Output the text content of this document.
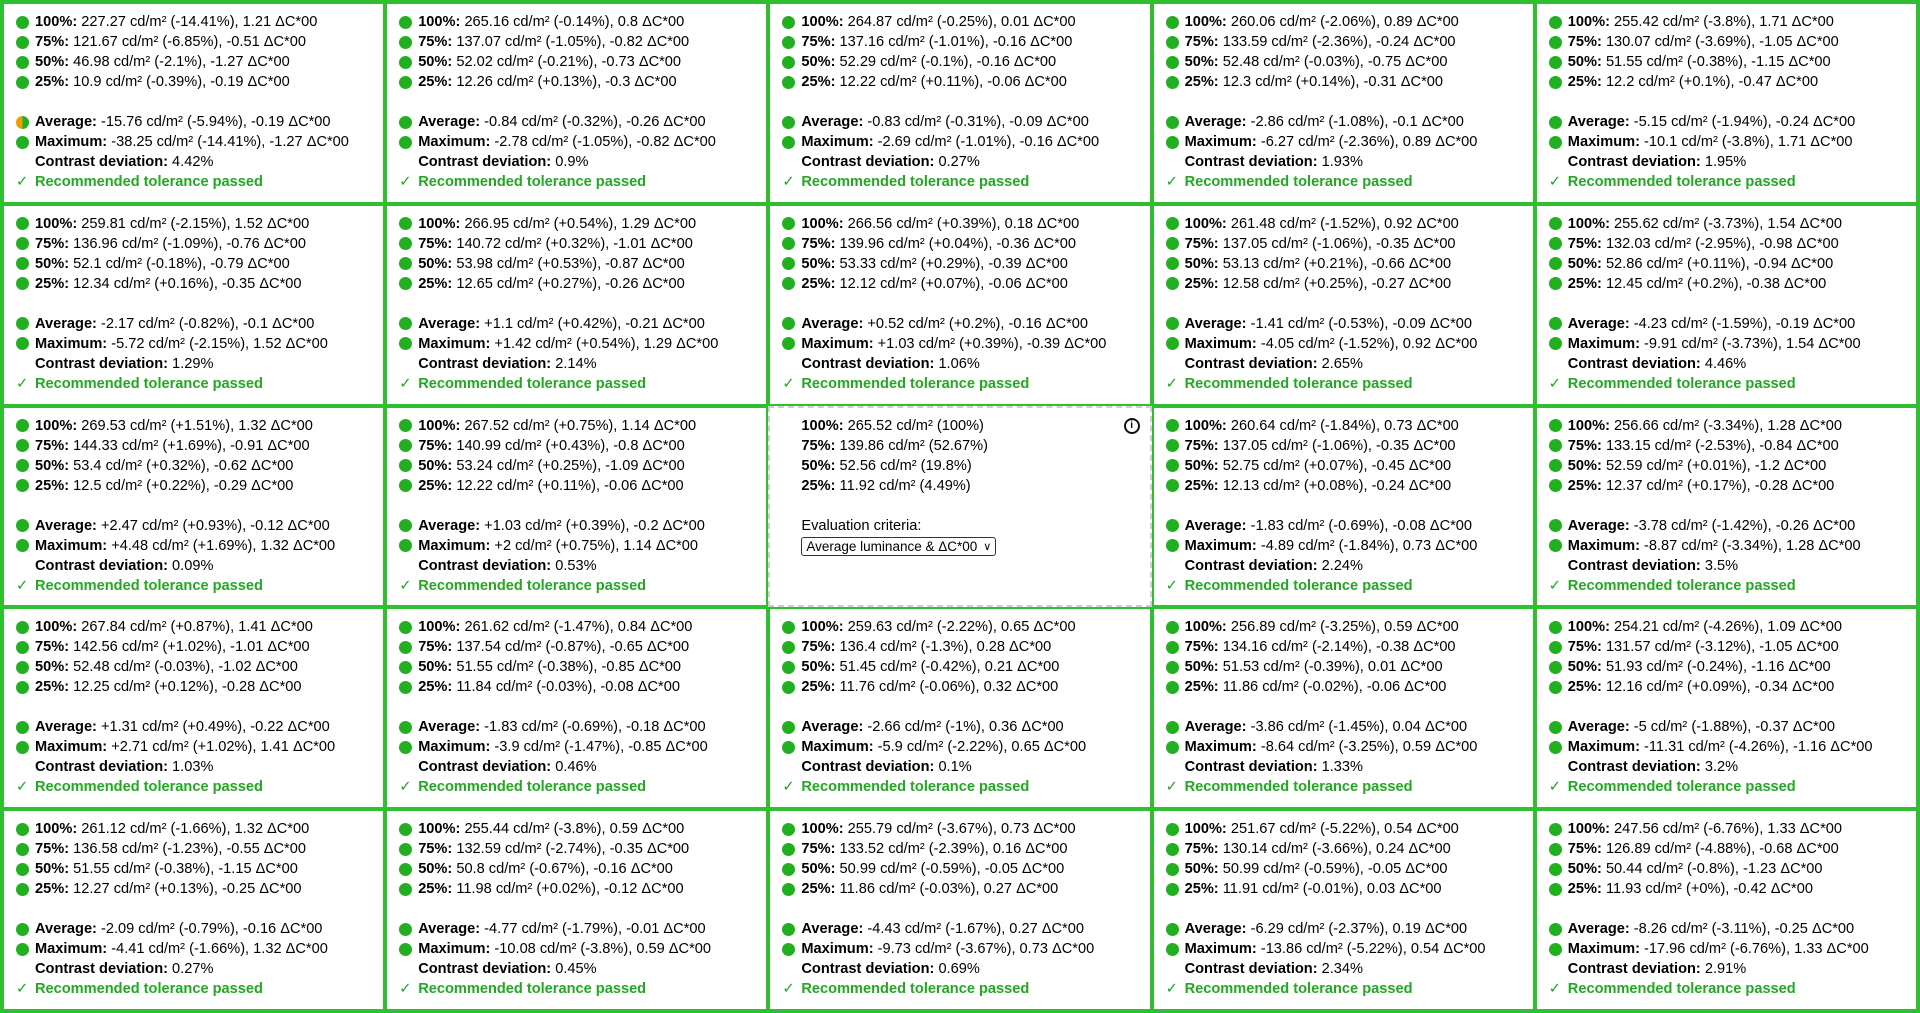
100%:
227.27 cd/m² (-14.41%), 1.21 ΔC*00
75%:
121.67 cd/m² (-6.85%), -0.51 ΔC*00
50%:
46.98 cd/m² (-2.1%), -1.27 ΔC*00
25%:
10.9 cd/m² (-0.39%), -0.19 ΔC*00
Average:
-15.76 cd/m² (-5.94%), -0.19 ΔC*00
Maximum:
-38.25 cd/m² (-14.41%), -1.27 ΔC*00
Contrast deviation:
4.42%
✓ Recommended tolerance passed
100%:
265.16 cd/m² (-0.14%), 0.8 ΔC*00
75%:
137.07 cd/m² (-1.05%), -0.82 ΔC*00
50%:
52.02 cd/m² (-0.21%), -0.73 ΔC*00
25%:
12.26 cd/m² (+0.13%), -0.3 ΔC*00
Average:
-0.84 cd/m² (-0.32%), -0.26 ΔC*00
Maximum:
-2.78 cd/m² (-1.05%), -0.82 ΔC*00
Contrast deviation:
0.9%
✓ Recommended tolerance passed
100%:
264.87 cd/m² (-0.25%), 0.01 ΔC*00
75%:
137.16 cd/m² (-1.01%), -0.16 ΔC*00
50%:
52.29 cd/m² (-0.1%), -0.16 ΔC*00
25%:
12.22 cd/m² (+0.11%), -0.06 ΔC*00
Average:
-0.83 cd/m² (-0.31%), -0.09 ΔC*00
Maximum:
-2.69 cd/m² (-1.01%), -0.16 ΔC*00
Contrast deviation:
0.27%
✓ Recommended tolerance passed
100%:
260.06 cd/m² (-2.06%), 0.89 ΔC*00
75%:
133.59 cd/m² (-2.36%), -0.24 ΔC*00
50%:
52.48 cd/m² (-0.03%), -0.75 ΔC*00
25%:
12.3 cd/m² (+0.14%), -0.31 ΔC*00
Average:
-2.86 cd/m² (-1.08%), -0.1 ΔC*00
Maximum:
-6.27 cd/m² (-2.36%), 0.89 ΔC*00
Contrast deviation:
1.93%
✓ Recommended tolerance passed
100%:
255.42 cd/m² (-3.8%), 1.71 ΔC*00
75%:
130.07 cd/m² (-3.69%), -1.05 ΔC*00
50%:
51.55 cd/m² (-0.38%), -1.15 ΔC*00
25%:
12.2 cd/m² (+0.1%), -0.47 ΔC*00
Average:
-5.15 cd/m² (-1.94%), -0.24 ΔC*00
Maximum:
-10.1 cd/m² (-3.8%), 1.71 ΔC*00
Contrast deviation:
1.95%
✓ Recommended tolerance passed
100%:
259.81 cd/m² (-2.15%), 1.52 ΔC*00
75%:
136.96 cd/m² (-1.09%), -0.76 ΔC*00
50%:
52.1 cd/m² (-0.18%), -0.79 ΔC*00
25%:
12.34 cd/m² (+0.16%), -0.35 ΔC*00
Average:
-2.17 cd/m² (-0.82%), -0.1 ΔC*00
Maximum:
-5.72 cd/m² (-2.15%), 1.52 ΔC*00
Contrast deviation:
1.29%
✓ Recommended tolerance passed
100%:
266.95 cd/m² (+0.54%), 1.29 ΔC*00
75%:
140.72 cd/m² (+0.32%), -1.01 ΔC*00
50%:
53.98 cd/m² (+0.53%), -0.87 ΔC*00
25%:
12.65 cd/m² (+0.27%), -0.26 ΔC*00
Average:
+1.1 cd/m² (+0.42%), -0.21 ΔC*00
Maximum:
+1.42 cd/m² (+0.54%), 1.29 ΔC*00
Contrast deviation:
2.14%
✓ Recommended tolerance passed
100%:
266.56 cd/m² (+0.39%), 0.18 ΔC*00
75%:
139.96 cd/m² (+0.04%), -0.36 ΔC*00
50%:
53.33 cd/m² (+0.29%), -0.39 ΔC*00
25%:
12.12 cd/m² (+0.07%), -0.06 ΔC*00
Average:
+0.52 cd/m² (+0.2%), -0.16 ΔC*00
Maximum:
+1.03 cd/m² (+0.39%), -0.39 ΔC*00
Contrast deviation:
1.06%
✓ Recommended tolerance passed
100%:
261.48 cd/m² (-1.52%), 0.92 ΔC*00
75%:
137.05 cd/m² (-1.06%), -0.35 ΔC*00
50%:
53.13 cd/m² (+0.21%), -0.66 ΔC*00
25%:
12.58 cd/m² (+0.25%), -0.27 ΔC*00
Average:
-1.41 cd/m² (-0.53%), -0.09 ΔC*00
Maximum:
-4.05 cd/m² (-1.52%), 0.92 ΔC*00
Contrast deviation:
2.65%
✓ Recommended tolerance passed
100%:
255.62 cd/m² (-3.73%), 1.54 ΔC*00
75%:
132.03 cd/m² (-2.95%), -0.98 ΔC*00
50%:
52.86 cd/m² (+0.11%), -0.94 ΔC*00
25%:
12.45 cd/m² (+0.2%), -0.38 ΔC*00
Average:
-4.23 cd/m² (-1.59%), -0.19 ΔC*00
Maximum:
-9.91 cd/m² (-3.73%), 1.54 ΔC*00
Contrast deviation:
4.46%
✓ Recommended tolerance passed
100%:
269.53 cd/m² (+1.51%), 1.32 ΔC*00
75%:
144.33 cd/m² (+1.69%), -0.91 ΔC*00
50%:
53.4 cd/m² (+0.32%), -0.62 ΔC*00
25%:
12.5 cd/m² (+0.22%), -0.29 ΔC*00
Average:
+2.47 cd/m² (+0.93%), -0.12 ΔC*00
Maximum:
+4.48 cd/m² (+1.69%), 1.32 ΔC*00
Contrast deviation:
0.09%
✓ Recommended tolerance passed
100%:
267.52 cd/m² (+0.75%), 1.14 ΔC*00
75%:
140.99 cd/m² (+0.43%), -0.8 ΔC*00
50%:
53.24 cd/m² (+0.25%), -1.09 ΔC*00
25%:
12.22 cd/m² (+0.11%), -0.06 ΔC*00
Average:
+1.03 cd/m² (+0.39%), -0.2 ΔC*00
Maximum:
+2 cd/m² (+0.75%), 1.14 ΔC*00
Contrast deviation:
0.53%
✓ Recommended tolerance passed
i
100%:
265.52 cd/m² (100%)
75%:
139.86 cd/m² (52.67%)
50%:
52.56 cd/m² (19.8%)
25%:
11.92 cd/m² (4.49%)
Evaluation criteria:
Average luminance & ΔC*00 ∨
100%:
260.64 cd/m² (-1.84%), 0.73 ΔC*00
75%:
137.05 cd/m² (-1.06%), -0.35 ΔC*00
50%:
52.75 cd/m² (+0.07%), -0.45 ΔC*00
25%:
12.13 cd/m² (+0.08%), -0.24 ΔC*00
Average:
-1.83 cd/m² (-0.69%), -0.08 ΔC*00
Maximum:
-4.89 cd/m² (-1.84%), 0.73 ΔC*00
Contrast deviation:
2.24%
✓ Recommended tolerance passed
100%:
256.66 cd/m² (-3.34%), 1.28 ΔC*00
75%:
133.15 cd/m² (-2.53%), -0.84 ΔC*00
50%:
52.59 cd/m² (+0.01%), -1.2 ΔC*00
25%:
12.37 cd/m² (+0.17%), -0.28 ΔC*00
Average:
-3.78 cd/m² (-1.42%), -0.26 ΔC*00
Maximum:
-8.87 cd/m² (-3.34%), 1.28 ΔC*00
Contrast deviation:
3.5%
✓ Recommended tolerance passed
100%:
267.84 cd/m² (+0.87%), 1.41 ΔC*00
75%:
142.56 cd/m² (+1.02%), -1.01 ΔC*00
50%:
52.48 cd/m² (-0.03%), -1.02 ΔC*00
25%:
12.25 cd/m² (+0.12%), -0.28 ΔC*00
Average:
+1.31 cd/m² (+0.49%), -0.22 ΔC*00
Maximum:
+2.71 cd/m² (+1.02%), 1.41 ΔC*00
Contrast deviation:
1.03%
✓ Recommended tolerance passed
100%:
261.62 cd/m² (-1.47%), 0.84 ΔC*00
75%:
137.54 cd/m² (-0.87%), -0.65 ΔC*00
50%:
51.55 cd/m² (-0.38%), -0.85 ΔC*00
25%:
11.84 cd/m² (-0.03%), -0.08 ΔC*00
Average:
-1.83 cd/m² (-0.69%), -0.18 ΔC*00
Maximum:
-3.9 cd/m² (-1.47%), -0.85 ΔC*00
Contrast deviation:
0.46%
✓ Recommended tolerance passed
100%:
259.63 cd/m² (-2.22%), 0.65 ΔC*00
75%:
136.4 cd/m² (-1.3%), 0.28 ΔC*00
50%:
51.45 cd/m² (-0.42%), 0.21 ΔC*00
25%:
11.76 cd/m² (-0.06%), 0.32 ΔC*00
Average:
-2.66 cd/m² (-1%), 0.36 ΔC*00
Maximum:
-5.9 cd/m² (-2.22%), 0.65 ΔC*00
Contrast deviation:
0.1%
✓ Recommended tolerance passed
100%:
256.89 cd/m² (-3.25%), 0.59 ΔC*00
75%:
134.16 cd/m² (-2.14%), -0.38 ΔC*00
50%:
51.53 cd/m² (-0.39%), 0.01 ΔC*00
25%:
11.86 cd/m² (-0.02%), -0.06 ΔC*00
Average:
-3.86 cd/m² (-1.45%), 0.04 ΔC*00
Maximum:
-8.64 cd/m² (-3.25%), 0.59 ΔC*00
Contrast deviation:
1.33%
✓ Recommended tolerance passed
100%:
254.21 cd/m² (-4.26%), 1.09 ΔC*00
75%:
131.57 cd/m² (-3.12%), -1.05 ΔC*00
50%:
51.93 cd/m² (-0.24%), -1.16 ΔC*00
25%:
12.16 cd/m² (+0.09%), -0.34 ΔC*00
Average:
-5 cd/m² (-1.88%), -0.37 ΔC*00
Maximum:
-11.31 cd/m² (-4.26%), -1.16 ΔC*00
Contrast deviation:
3.2%
✓ Recommended tolerance passed
100%:
261.12 cd/m² (-1.66%), 1.32 ΔC*00
75%:
136.58 cd/m² (-1.23%), -0.55 ΔC*00
50%:
51.55 cd/m² (-0.38%), -1.15 ΔC*00
25%:
12.27 cd/m² (+0.13%), -0.25 ΔC*00
Average:
-2.09 cd/m² (-0.79%), -0.16 ΔC*00
Maximum:
-4.41 cd/m² (-1.66%), 1.32 ΔC*00
Contrast deviation:
0.27%
✓ Recommended tolerance passed
100%:
255.44 cd/m² (-3.8%), 0.59 ΔC*00
75%:
132.59 cd/m² (-2.74%), -0.35 ΔC*00
50%:
50.8 cd/m² (-0.67%), -0.16 ΔC*00
25%:
11.98 cd/m² (+0.02%), -0.12 ΔC*00
Average:
-4.77 cd/m² (-1.79%), -0.01 ΔC*00
Maximum:
-10.08 cd/m² (-3.8%), 0.59 ΔC*00
Contrast deviation:
0.45%
✓ Recommended tolerance passed
100%:
255.79 cd/m² (-3.67%), 0.73 ΔC*00
75%:
133.52 cd/m² (-2.39%), 0.16 ΔC*00
50%:
50.99 cd/m² (-0.59%), -0.05 ΔC*00
25%:
11.86 cd/m² (-0.03%), 0.27 ΔC*00
Average:
-4.43 cd/m² (-1.67%), 0.27 ΔC*00
Maximum:
-9.73 cd/m² (-3.67%), 0.73 ΔC*00
Contrast deviation:
0.69%
✓ Recommended tolerance passed
100%:
251.67 cd/m² (-5.22%), 0.54 ΔC*00
75%:
130.14 cd/m² (-3.66%), 0.24 ΔC*00
50%:
50.99 cd/m² (-0.59%), -0.05 ΔC*00
25%:
11.91 cd/m² (-0.01%), 0.03 ΔC*00
Average:
-6.29 cd/m² (-2.37%), 0.19 ΔC*00
Maximum:
-13.86 cd/m² (-5.22%), 0.54 ΔC*00
Contrast deviation:
2.34%
✓ Recommended tolerance passed
100%:
247.56 cd/m² (-6.76%), 1.33 ΔC*00
75%:
126.89 cd/m² (-4.88%), -0.68 ΔC*00
50%:
50.44 cd/m² (-0.8%), -1.23 ΔC*00
25%:
11.93 cd/m² (+0%), -0.42 ΔC*00
Average:
-8.26 cd/m² (-3.11%), -0.25 ΔC*00
Maximum:
-17.96 cd/m² (-6.76%), 1.33 ΔC*00
Contrast deviation:
2.91%
✓ Recommended tolerance passed
